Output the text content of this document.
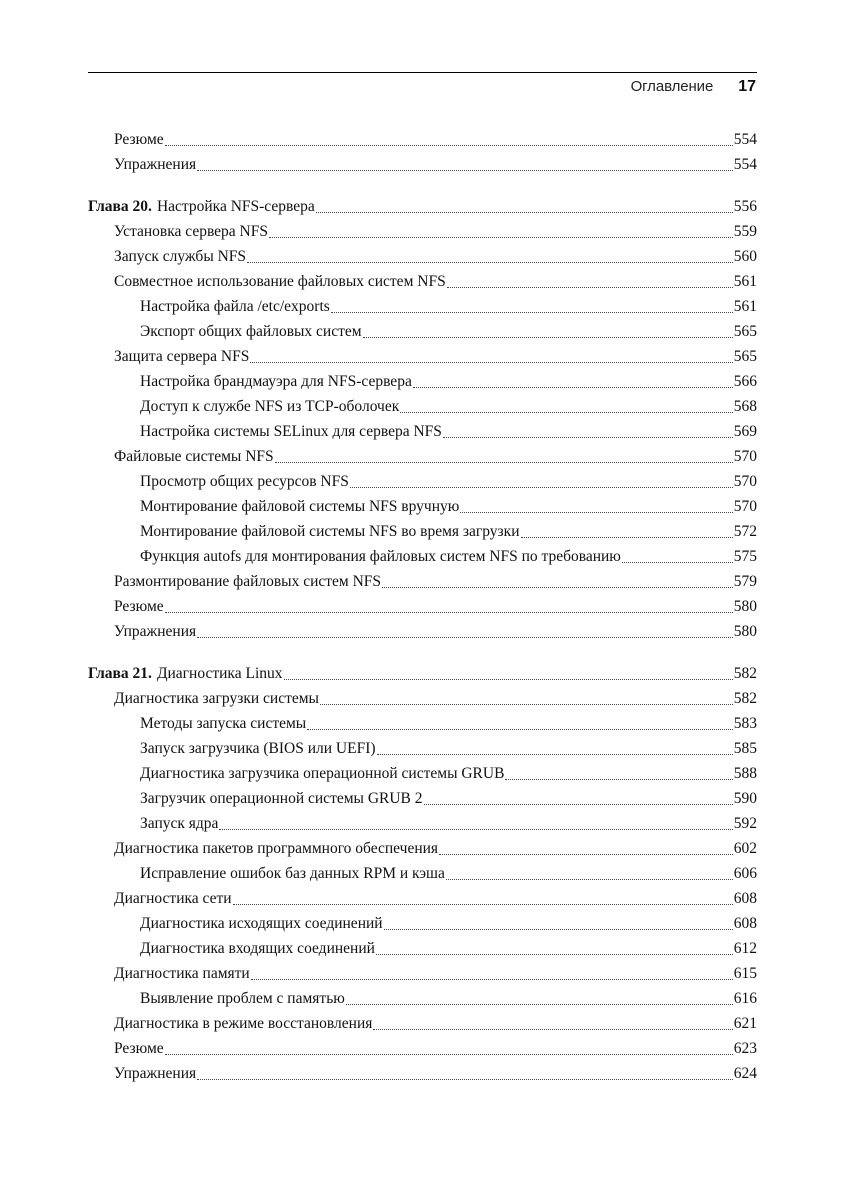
Оглавление 17
Резюме	554
Упражнения	554
Глава 20. Настройка NFS-сервера	556
Установка сервера NFS	559
Запуск службы NFS	560
Совместное использование файловых систем NFS	561
Настройка файла /etc/exports	561
Экспорт общих файловых систем	565
Защита сервера NFS	565
Настройка брандмауэра для NFS-сервера	566
Доступ к службе NFS из TCP-оболочек	568
Настройка системы SELinux для сервера NFS	569
Файловые системы NFS	570
Просмотр общих ресурсов NFS	570
Монтирование файловой системы NFS вручную	570
Монтирование файловой системы NFS во время загрузки	572
Функция autofs для монтирования файловых систем NFS по требованию	575
Размонтирование файловых систем NFS	579
Резюме	580
Упражнения	580
Глава 21. Диагностика Linux	582
Диагностика загрузки системы	582
Методы запуска системы	583
Запуск загрузчика (BIOS или UEFI)	585
Диагностика загрузчика операционной системы GRUB	588
Загрузчик операционной системы GRUB 2	590
Запуск ядра	592
Диагностика пакетов программного обеспечения	602
Исправление ошибок баз данных RPM и кэша	606
Диагностика сети	608
Диагностика исходящих соединений	608
Диагностика входящих соединений	612
Диагностика памяти	615
Выявление проблем с памятью	616
Диагностика в режиме восстановления	621
Резюме	623
Упражнения	624
